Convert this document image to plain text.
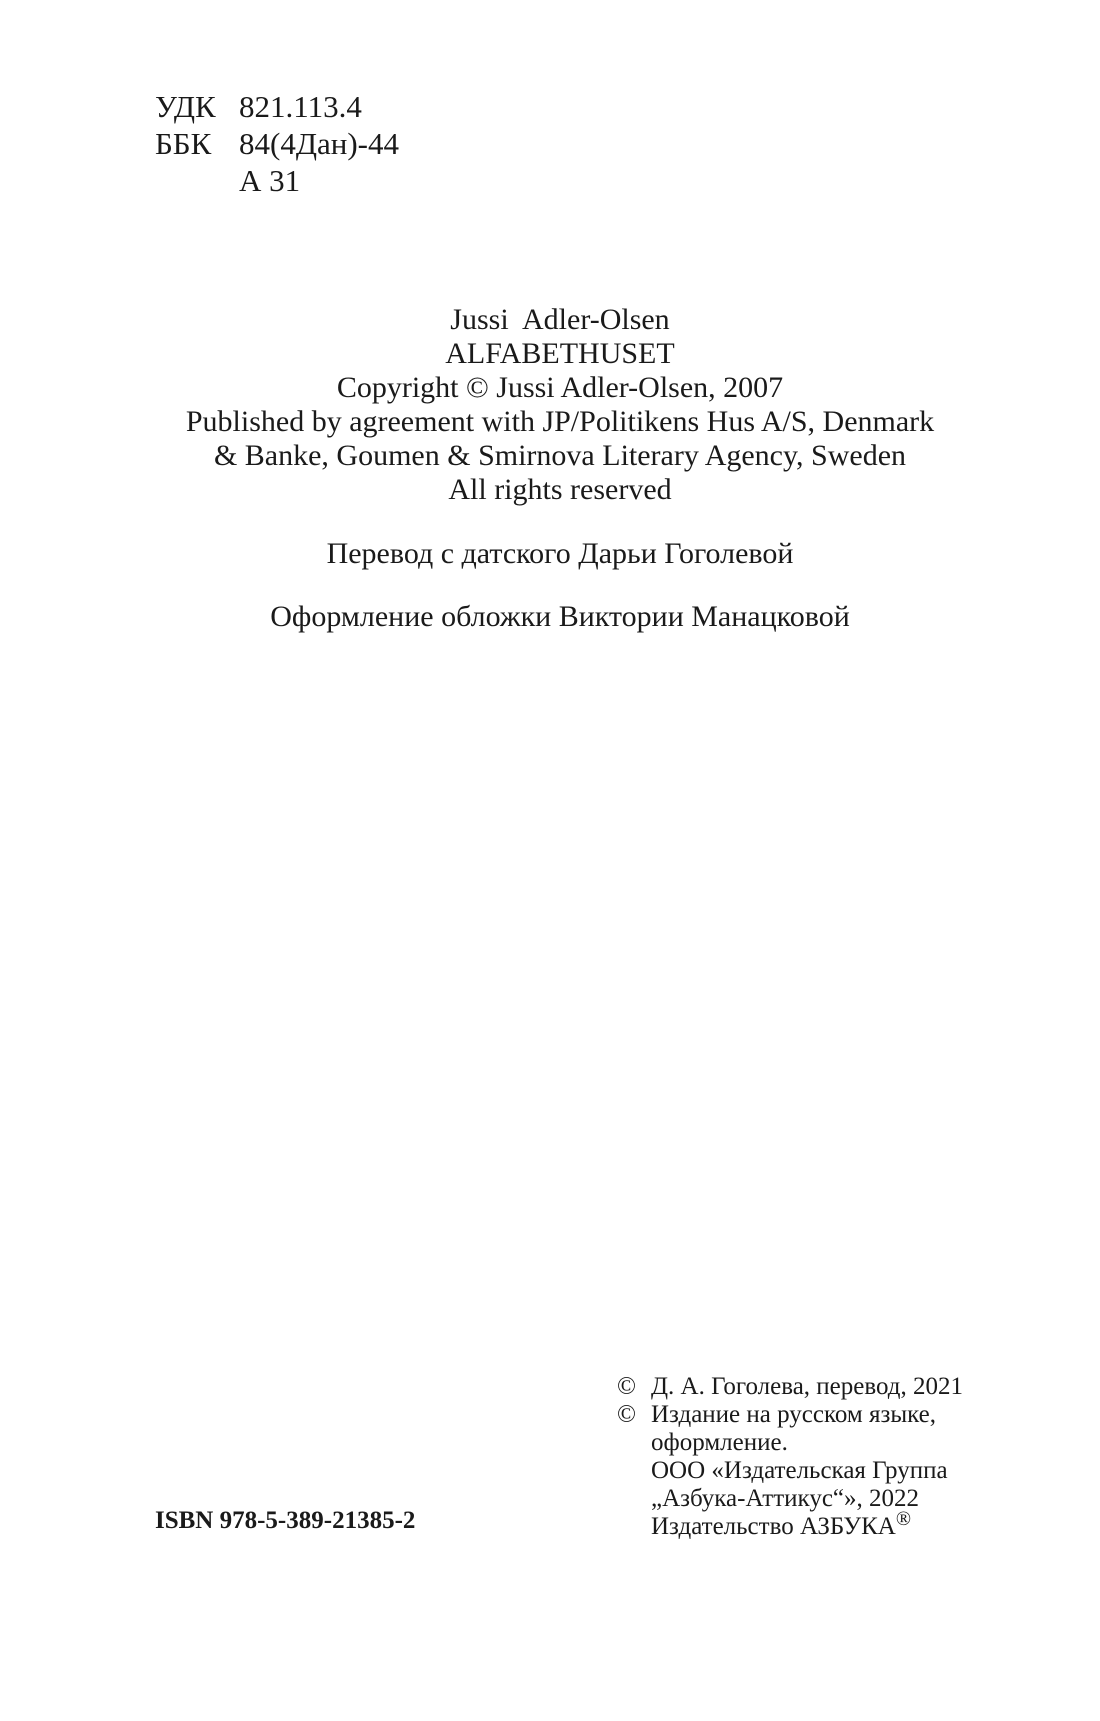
УДК 821.113.4
ББК 84(4Дан)-44
А 31
Jussi  Adler-Olsen
ALFABETHUSET
Copyright © Jussi Adler-Olsen, 2007
Published by agreement with JP/Politikens Hus A/S, Denmark
& Banke, Goumen & Smirnova Literary Agency, Sweden
All rights reserved
Перевод с датского Дарьи Гоголевой
Оформление обложки Виктории Манацковой
ISBN 978-5-389-21385-2
© Д. А. Гоголева, перевод, 2021
© Издание на русском языке,
оформление.
ООО «Издательская Группа
„Азбука-Аттикус“», 2022
Издательство АЗБУКА®
